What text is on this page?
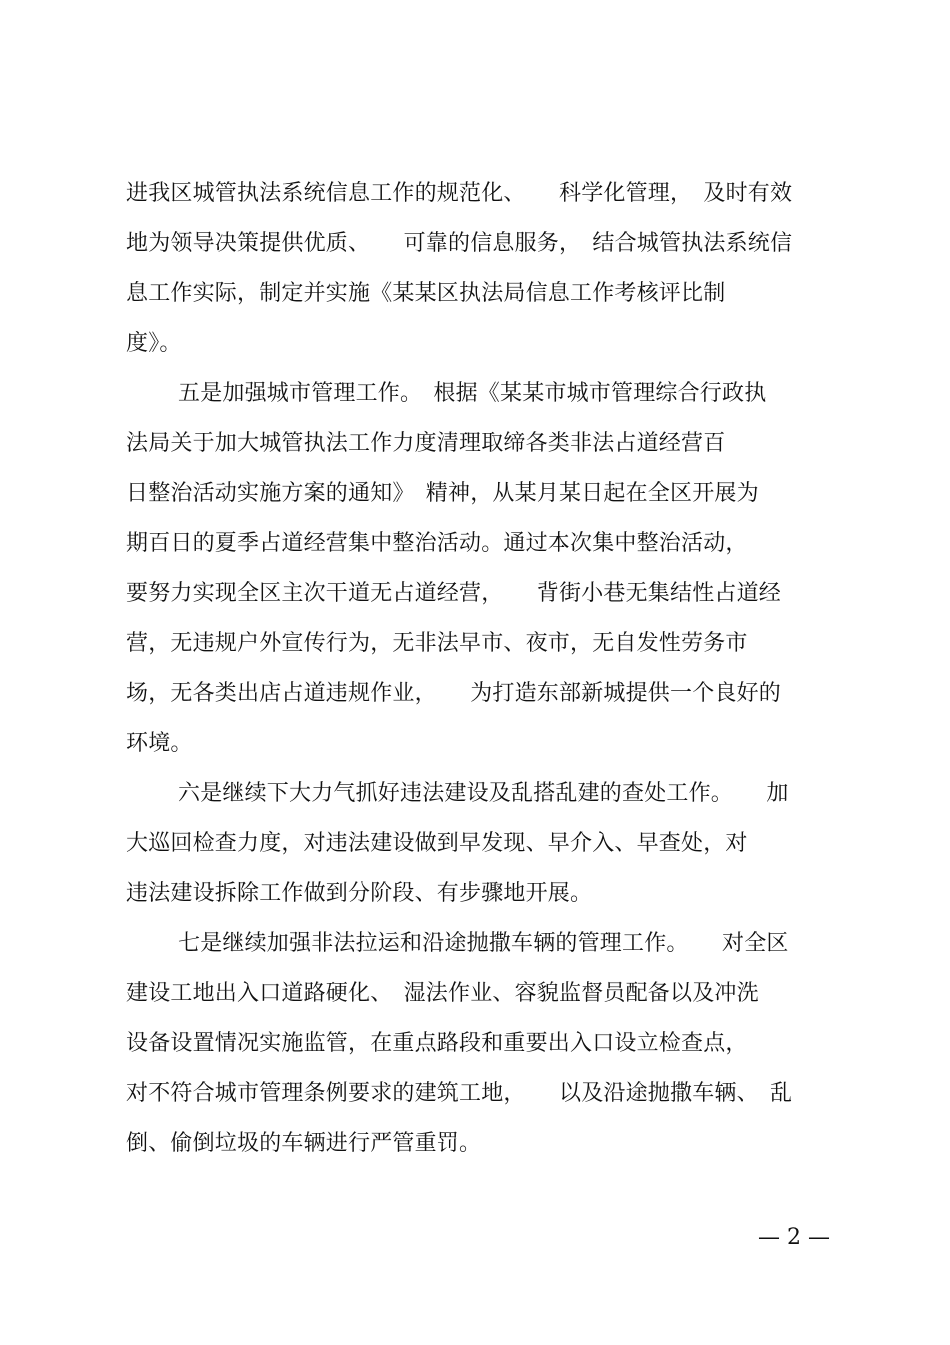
进我区城管执法系统信息工作的规范化、　　科学化管理，　及时有效
地为领导决策提供优质、　　可靠的信息服务，　结合城管执法系统信
息工作实际，制定并实施《某某区执法局信息工作考核评比制
度》。
五是加强城市管理工作。　根据《某某市城市管理综合行政执
法局关于加大城管执法工作力度清理取缔各类非法占道经营百
日整治活动实施方案的通知》　精神，从某月某日起在全区开展为
期百日的夏季占道经营集中整治活动。通过本次集中整治活动，
要努力实现全区主次干道无占道经营，　　背街小巷无集结性占道经
营，无违规户外宣传行为，无非法早市、夜市，无自发性劳务市
场，无各类出店占道违规作业，　　为打造东部新城提供一个良好的
环境。
六是继续下大力气抓好违法建设及乱搭乱建的查处工作。　　加
大巡回检查力度，对违法建设做到早发现、早介入、早查处，对
违法建设拆除工作做到分阶段、有步骤地开展。
七是继续加强非法拉运和沿途抛撒车辆的管理工作。　　对全区
建设工地出入口道路硬化、　湿法作业、容貌监督员配备以及冲洗
设备设置情况实施监管，在重点路段和重要出入口设立检查点，
对不符合城市管理条例要求的建筑工地，　　以及沿途抛撒车辆、　乱
倒、偷倒垃圾的车辆进行严管重罚。
— 2 —
